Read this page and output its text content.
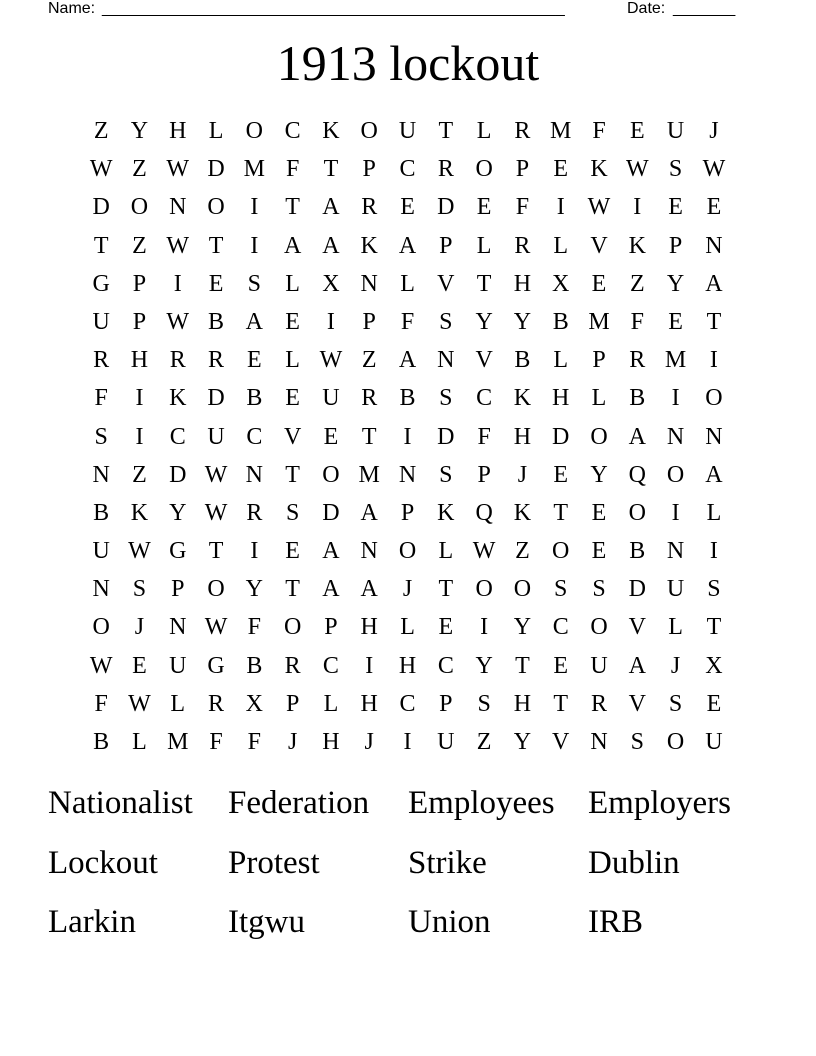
Name: ____________________________________________________	Date: _______
1913 lockout
Z Y H L O C K O U T L R M F	E U	J
W Z W D M F	T	P C R O P	E K W S W
D O N O	I	T A R E D E	F	I W I	E E
T Z W T	I	A A K A P	L R L V K P N
G P	I	E	S	L X N L V T H X E Z Y A
U P W B A E	I	P	F	S Y Y B M F	E T
R H R R E L W Z A N V B L	P R M I
F	I	K D B E U R B S C K H L B	I	O
S	I	C U C V E T	I	D F H D O A N N
N Z D W N T O M N S	P	J	E Y Q O A
B K Y W R S D A P K Q K T E O	I	L
U W G T	I	E A N O L W Z O E B N	I
N S	P O Y T A A	J	T O O S	S D U S
O	J	N W F O P H L E	I	Y C O V L T
W E U G B R C	I	H C Y T E U A	J	X
F W L R X P	L H C P	S H T R V S	E
B L M F	F	J	H	J	I	U Z Y V N S O U
Nationalist	Federation	Employees	Employers
Lockout	Protest	Strike	Dublin
Larkin	Itgwu	Union	IRB
